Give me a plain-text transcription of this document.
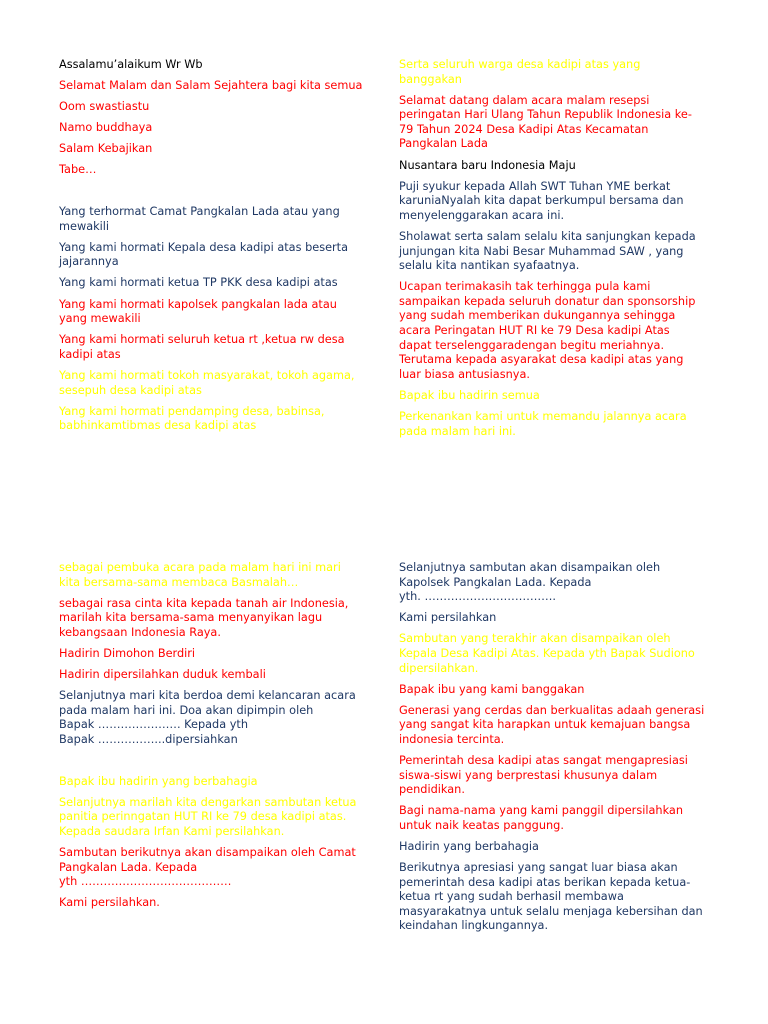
Assalamu’alaikum Wr Wb

Selamat Malam dan Salam Sejahtera bagi kita semua

Oom swastiastu

Namo buddhaya

Salam Kebajikan

Tabe…

Yang terhormat Camat Pangkalan Lada atau yang
mewakili

Yang kami hormati Kepala desa kadipi atas beserta
jajarannya

Yang kami hormati ketua TP PKK desa kadipi atas

Yang kami hormati kapolsek pangkalan lada atau
yang mewakili

Yang kami hormati seluruh ketua rt ,ketua rw desa
kadipi atas

Yang kami hormati tokoh masyarakat, tokoh agama,
sesepuh desa kadipi atas

Yang kami hormati pendamping desa, babinsa,
babhinkamtibmas desa kadipi atas

Serta seluruh warga desa kadipi atas yang
banggakan

Selamat datang dalam acara malam resepsi
peringatan Hari Ulang Tahun Republik Indonesia ke-
79 Tahun 2024 Desa Kadipi Atas Kecamatan
Pangkalan Lada

Nusantara baru Indonesia Maju

Puji syukur kepada Allah SWT Tuhan YME berkat
karuniaNyalah kita dapat berkumpul bersama dan
menyelenggarakan acara ini.

Sholawat serta salam selalu kita sanjungkan kepada
junjungan kita Nabi Besar Muhammad SAW , yang
selalu kita nantikan syafaatnya.

Ucapan terimakasih tak terhingga pula kami
sampaikan kepada seluruh donatur dan sponsorship
yang sudah memberikan dukungannya sehingga
acara Peringatan HUT RI ke 79 Desa kadipi Atas
dapat terselenggaradengan begitu meriahnya.
Terutama kepada asyarakat desa kadipi atas yang
luar biasa antusiasnya.

Bapak ibu hadirin semua

Perkenankan kami untuk memandu jalannya acara
pada malam hari ini.

sebagai pembuka acara pada malam hari ini mari
kita bersama-sama membaca Basmalah…

sebagai rasa cinta kita kepada tanah air Indonesia,
marilah kita bersama-sama menyanyikan lagu
kebangsaan Indonesia Raya.

Hadirin Dimohon Berdiri

Hadirin dipersilahkan duduk kembali

Selanjutnya mari kita berdoa demi kelancaran acara
pada malam hari ini. Doa akan dipimpin oleh
Bapak …………………. Kepada yth
Bapak ……………...dipersiahkan

Bapak ibu hadirin yang berbahagia

Selanjutnya marilah kita dengarkan sambutan ketua
panitia perinngatan HUT RI ke 79 desa kadipi atas.
Kepada saudara Irfan Kami persilahkan.

Sambutan berikutnya akan disampaikan oleh Camat
Pangkalan Lada. Kepada
yth ………………………………….

Kami persilahkan.

Selanjutnya sambutan akan disampaikan oleh
Kapolsek Pangkalan Lada. Kepada
yth. ……………………………..

Kami persilahkan

Sambutan yang terakhir akan disampaikan oleh
Kepala Desa Kadipi Atas. Kepada yth Bapak Sudiono
dipersilahkan.

Bapak ibu yang kami banggakan

Generasi yang cerdas dan berkualitas adaah generasi
yang sangat kita harapkan untuk kemajuan bangsa
indonesia tercinta.

Pemerintah desa kadipi atas sangat mengapresiasi
siswa-siswi yang berprestasi khusunya dalam
pendidikan.

Bagi nama-nama yang kami panggil dipersilahkan
untuk naik keatas panggung.

Hadirin yang berbahagia

Berikutnya apresiasi yang sangat luar biasa akan
pemerintah desa kadipi atas berikan kepada ketua-
ketua rt yang sudah berhasil membawa
masyarakatnya untuk selalu menjaga kebersihan dan
keindahan lingkungannya.
